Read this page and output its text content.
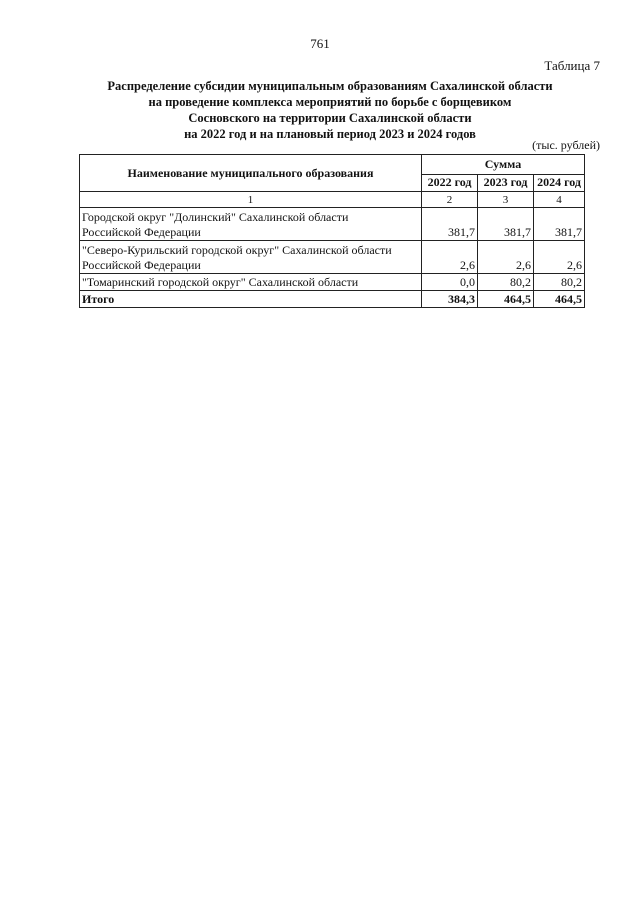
761
Таблица 7
Распределение субсидии муниципальным образованиям Сахалинской области
на проведение комплекса мероприятий по борьбе с борщевиком
Сосновского на территории Сахалинской области
на 2022 год и на плановый период 2023 и 2024 годов
(тыс. рублей)
Наименование муниципального образования	Сумма		
	2022 год	2023 год	2024 год
1	2	3	4

Городской округ "Долинский" Сахалинской области
Российской Федерации	381,7	381,7	381,7

"Северо-Курильский городской округ" Сахалинской области
Российской Федерации	2,6	2,6	2,6

"Томаринский городской округ" Сахалинской области	0,0	80,2	80,2
Итого	384,3	464,5	464,5
